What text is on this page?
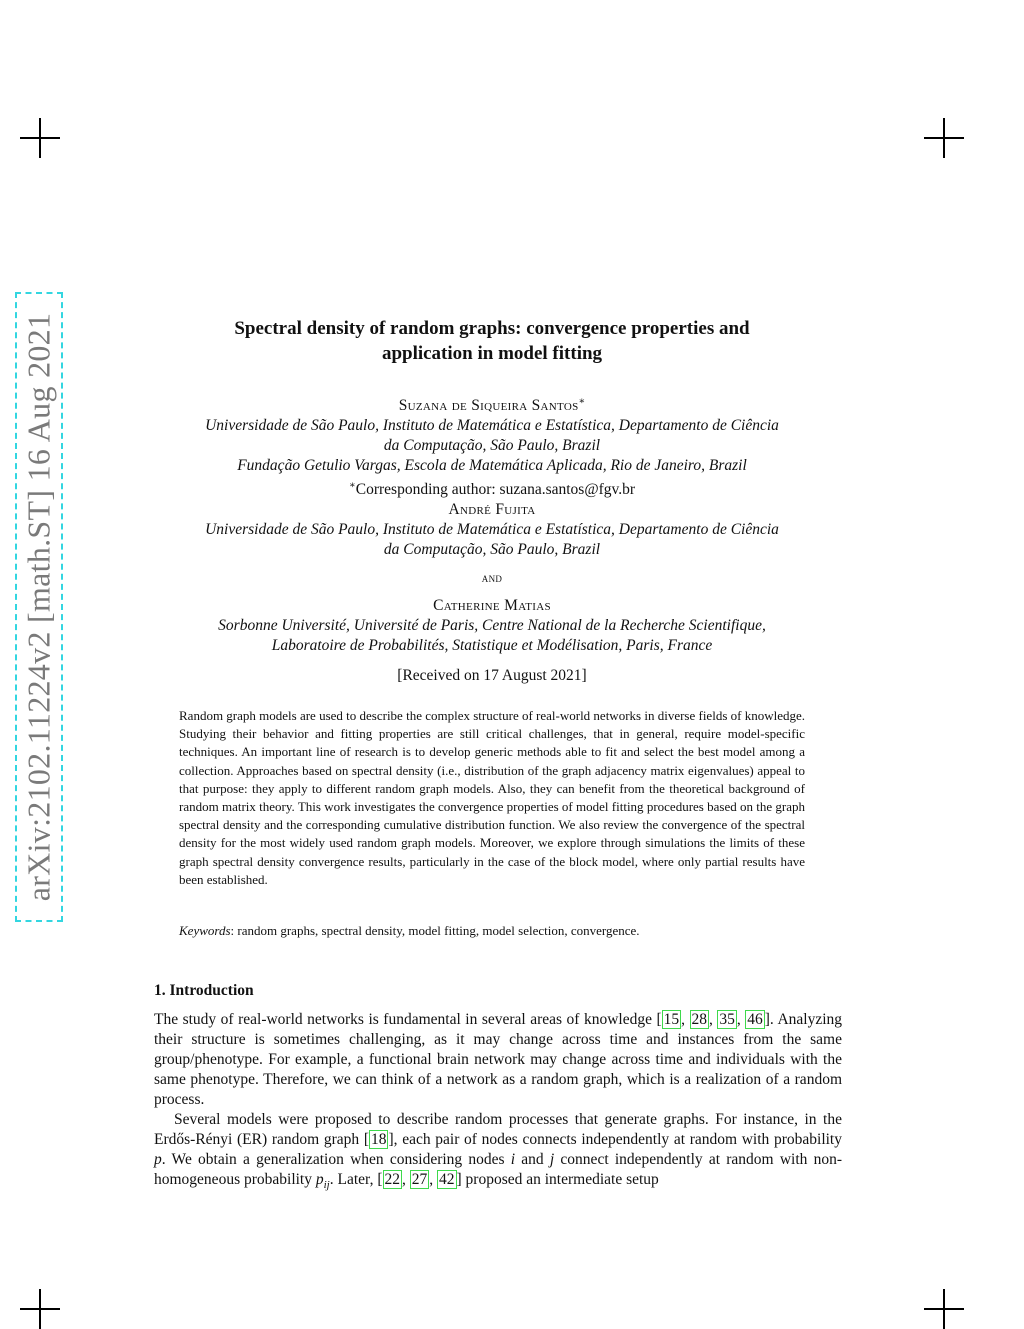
arXiv:2102.11224v2 [math.ST] 16 Aug 2021	Spectral density of random graphs: convergence properties and
application in model fitting
Suzana de Siqueira Santos∗
Universidade de São Paulo, Instituto de Matemática e Estatística, Departamento de Ciência
da Computação, São Paulo, Brazil
Fundação Getulio Vargas, Escola de Matemática Aplicada, Rio de Janeiro, Brazil
∗Corresponding author: suzana.santos@fgv.br
André Fujita
Universidade de São Paulo, Instituto de Matemática e Estatística, Departamento de Ciência
da Computação, São Paulo, Brazil
and
Catherine Matias
Sorbonne Université, Université de Paris, Centre National de la Recherche Scientifique,
Laboratoire de Probabilités, Statistique et Modélisation, Paris, France
[Received on 17 August 2021]
Random graph models are used to describe the complex structure of real-world networks in diverse fields of knowledge. Studying their behavior and fitting properties are still critical challenges, that in general, require model-specific techniques. An important line of research is to develop generic methods able to fit and select the best model among a collection. Approaches based on spectral density (i.e., distribution of the graph adjacency matrix eigenvalues) appeal to that purpose: they apply to different random graph models. Also, they can benefit from the theoretical background of random matrix theory. This work investigates the convergence properties of model fitting procedures based on the graph spectral density and the corresponding cumulative distribution function. We also review the convergence of the spectral density for the most widely used random graph models. Moreover, we explore through simulations the limits of these graph spectral density convergence results, particularly in the case of the block model, where only partial results have been established.
Keywords: random graphs, spectral density, model fitting, model selection, convergence.
1. Introduction

The study of real-world networks is fundamental in several areas of knowledge [ 15 , 28 , 35 , 46 ]. Analyzing their structure is sometimes challenging, as it may change across time and instances from the same group/phenotype. For example, a functional brain network may change across time and individuals with the same phenotype. Therefore, we can think of a network as a random graph, which is a realization of a random process.

Several models were proposed to describe random processes that generate graphs. For instance, in the Erdős-Rényi (ER) random graph [ 18 ], each pair of nodes connects independently at random with probability p. We obtain a generalization when considering nodes i and j connect independently at random with non-homogeneous probability $p_{ij}$. Later, [ 22 , 27 , 42 ] proposed an intermediate setup
